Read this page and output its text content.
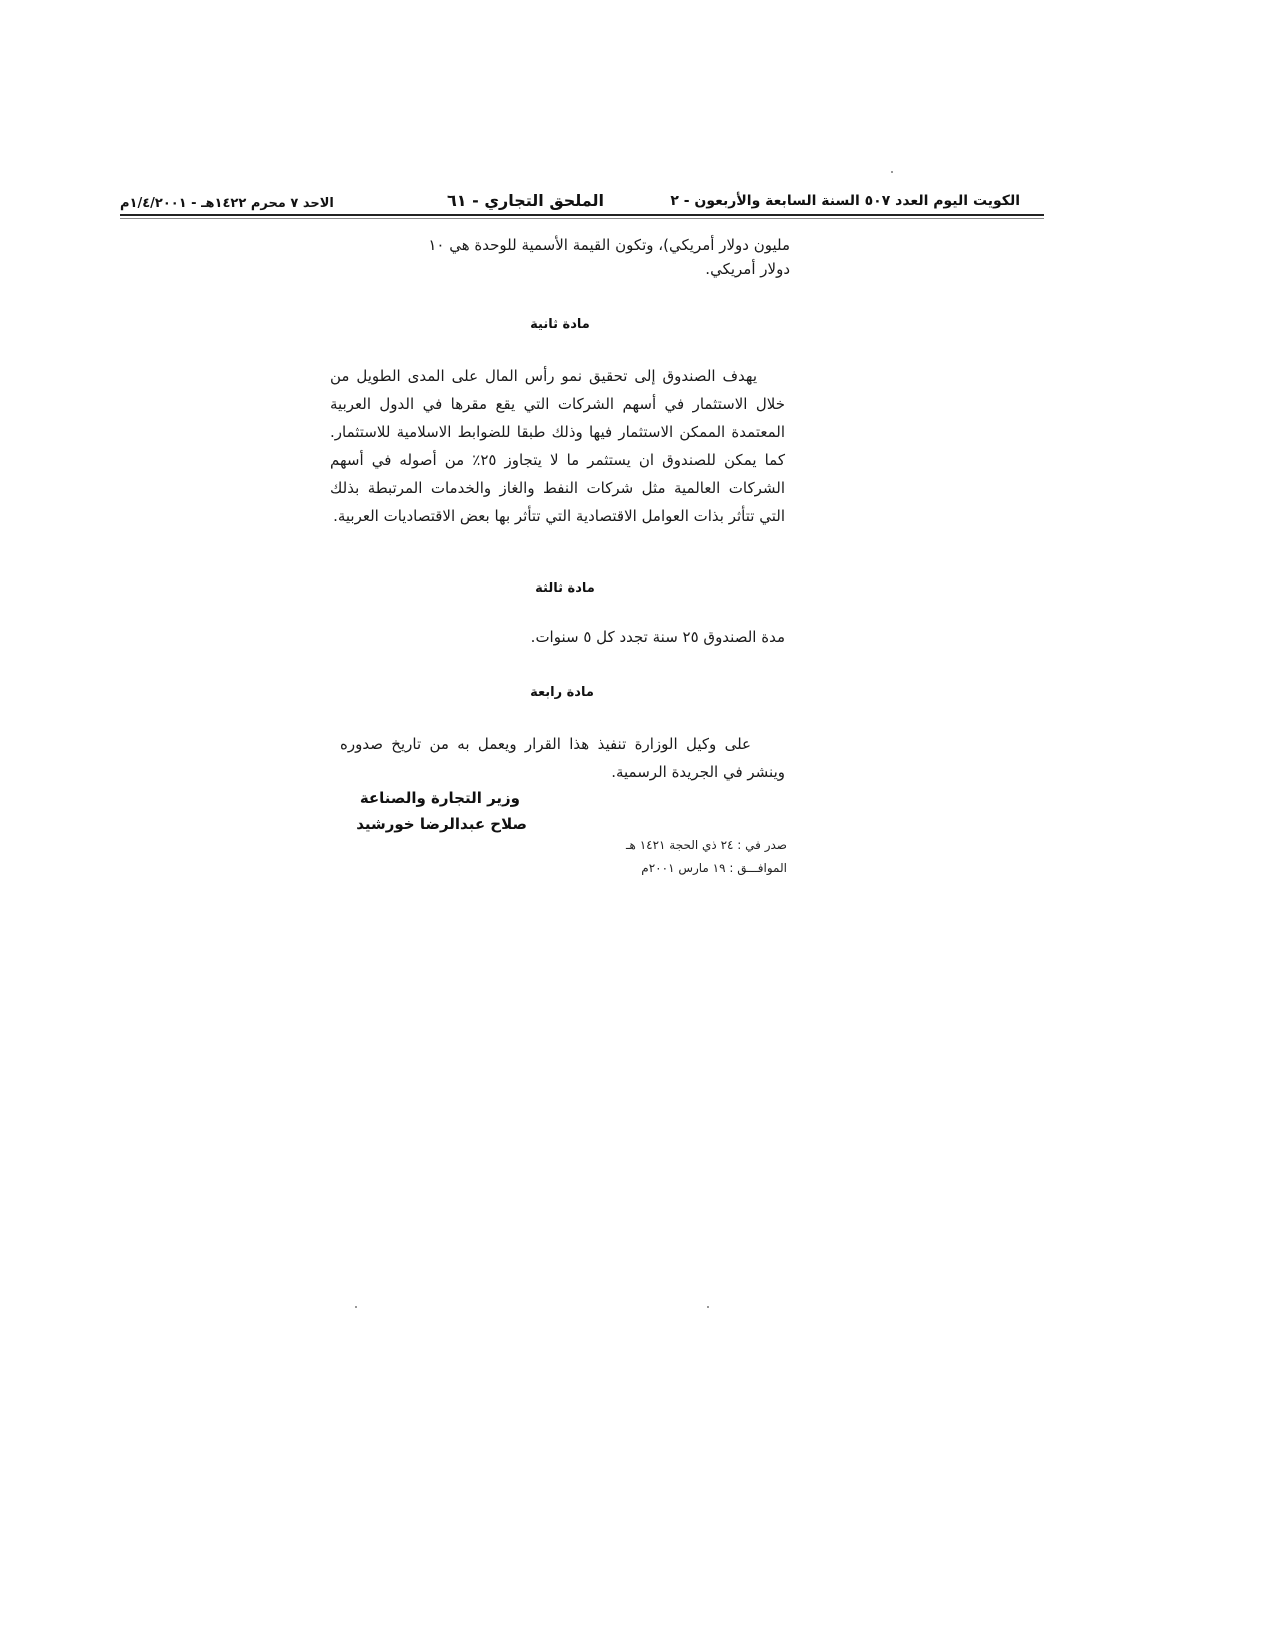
الكويت اليوم العدد ٥٠٧ السنة السابعة والأربعون - ٢
الملحق التجاري - ٦١
الاحد ٧ محرم ١٤٢٢هـ - ١/٤/٢٠٠١م
مليون دولار أمريكي)، وتكون القيمة الأسمية للوحدة هي ١٠
دولار أمريكي.
مادة ثانية
يهدف الصندوق إلى تحقيق نمو رأس المال على المدى الطويل من خلال الاستثمار في أسهم الشركات التي يقع مقرها في الدول العربية المعتمدة الممكن الاستثمار فيها وذلك طبقا للضوابط الاسلامية للاستثمار. كما يمكن للصندوق ان يستثمر ما لا يتجاوز ٢٥٪ من أصوله في أسهم الشركات العالمية مثل شركات النفط والغاز والخدمات المرتبطة بذلك التي تتأثر بذات العوامل الاقتصادية التي تتأثر بها بعض الاقتصاديات العربية.
مادة ثالثة
مدة الصندوق ٢٥ سنة تجدد كل ٥ سنوات.
مادة رابعة
على وكيل الوزارة تنفيذ هذا القرار ويعمل به من تاريخ صدوره وينشر في الجريدة الرسمية.
وزير التجارة والصناعة
صلاح عبدالرضا خورشيد
صدر في : ٢٤ ذي الحجة ١٤٢١ هـ
الموافـــق : ١٩ مارس ٢٠٠١م
